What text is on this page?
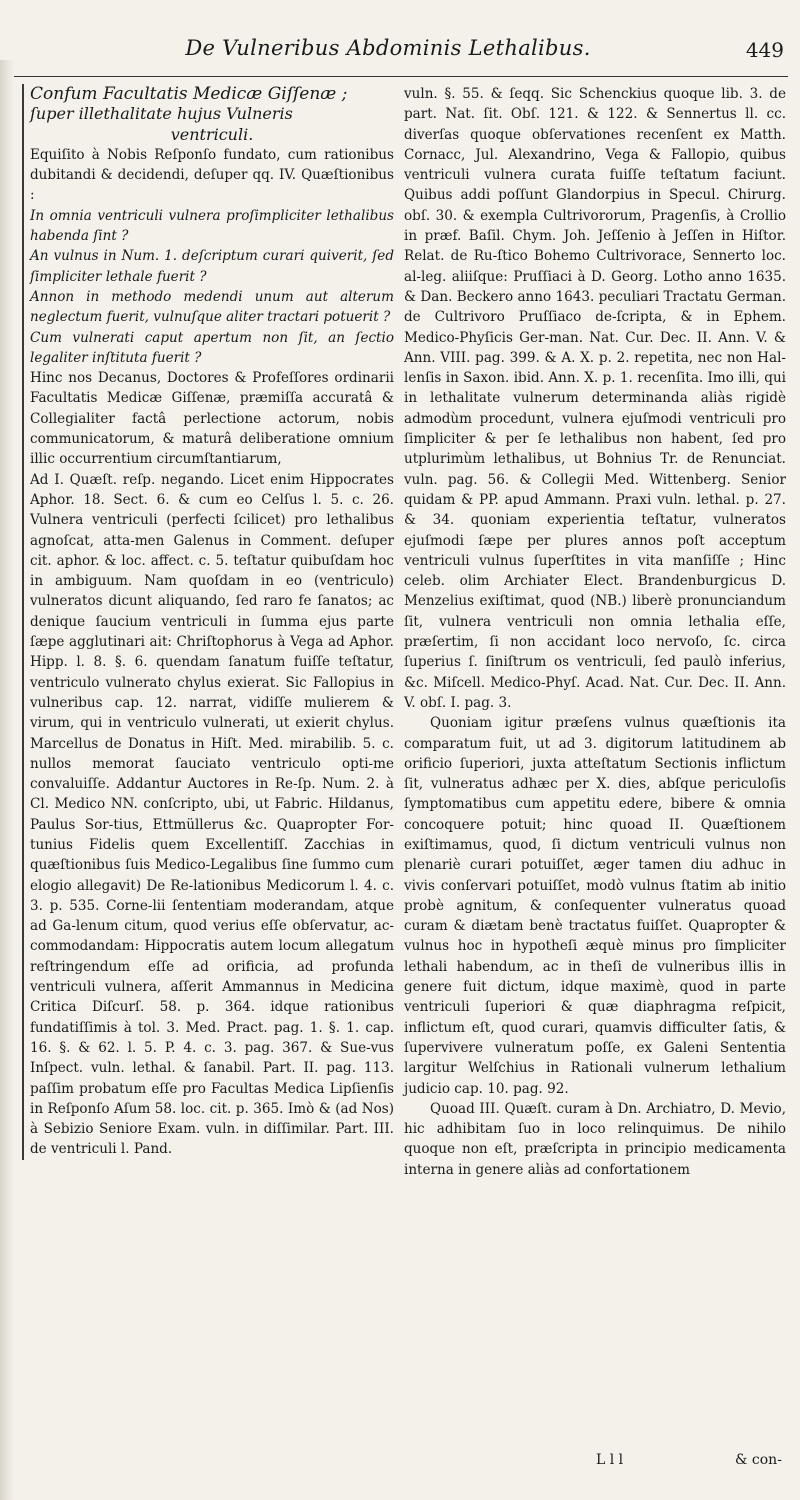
De Vulneribus Abdominis Lethalibus.	449

Confum Facultatis Medicæ Giſſenæ ;

ſuper illethalitate hujus Vulneris

ventriculi.

Equiſito à Nobis Reſponſo fundato, cum rationibus dubitandi & decidendi, deſuper qq. IV. Quæſtionibus :

In omnia ventriculi vulnera proſimpliciter lethalibus habenda ſint ?

An vulnus in Num. 1. deſcriptum curari quiverit, ſed ſimpliciter lethale fuerit ?

Annon in methodo medendi unum aut alterum neglectum fuerit, vulnuſque aliter tractari potuerit ?

Cum vulnerati caput apertum non ſit, an ſectio legaliter inſtituta fuerit ?

Hinc nos Decanus, Doctores & Profeſſores ordinarii Facultatis Medicæ Giſſenæ, præmiſſa accuratâ & Collegialiter factâ perlectione actorum, nobis communicatorum, & maturâ deliberatione omnium illic occurrentium circumſtantiarum,

Ad I. Quæſt. reſp. negando. Licet enim Hippocrates Aphor. 18. Sect. 6. & cum eo Celſus l. 5. c. 26. Vulnera ventriculi (perfecti ſcilicet) pro lethalibus agnoſcat, atta-men Galenus in Comment. deſuper cit. aphor. & loc. affect. c. 5. teſtatur quibuſdam hoc in ambiguum. Nam quoſdam in eo (ventriculo) vulneratos dicunt aliquando, ſed raro fe ſanatos; ac denique ſaucium ventriculi in ſumma ejus parte ſæpe agglutinari ait: Chriſtophorus à Vega ad Aphor. Hipp. l. 8. §. 6. quendam ſanatum fuiſſe teſtatur, ventriculo vulnerato chylus exierat. Sic Fallopius in vulneribus cap. 12. narrat, vidiſſe mulierem & virum, qui in ventriculo vulnerati, ut exierit chylus. Marcellus de Donatus in Hiſt. Med. mirabilib. 5. c. nullos memorat ſauciato ventriculo opti-me convaluiſſe. Addantur Auctores in Re-ſp. Num. 2. à Cl. Medico NN. conſcripto, ubi, ut Fabric. Hildanus, Paulus Sor-tius, Ettmüllerus &c. Quapropter For-tunius Fidelis quem Excellentiſſ. Zacchias in quæſtionibus ſuis Medico-Legalibus ſine ſummo cum elogio allegavit) De Re-lationibus Medicorum l. 4. c. 3. p. 535. Corne-lii ſententiam moderandam, atque ad Ga-lenum citum, quod verius eſſe obſervatur, ac-commodandam: Hippocratis autem locum allegatum reſtringendum eſſe ad orificia, ad profunda ventriculi vulnera, aſſerit Ammannus in Medicina Critica Diſcurſ. 58. p. 364. idque rationibus fundatiſſimis à tol. 3. Med. Pract. pag. 1. §. 1. cap. 16. §. & 62. l. 5. P. 4. c. 3. pag. 367. & Sue-vus Inſpect. vuln. lethal. & ſanabil. Part. II. pag. 113. paſſim probatum eſſe pro Facultas Medica Lipſienſis in Reſponſo Aſum 58. loc. cit. p. 365. Imò & (ad Nos) à Sebizio Seniore Exam. vuln. in diſſimilar. Part. III. de ventriculi l. Pand.

vuln. §. 55. & ſeqq. Sic Schenckius quoque lib. 3. de part. Nat. ſit. Obſ. 121. & 122. & Sennertus ll. cc. diverſas quoque obſervationes recenſent ex Matth. Cornacc, Jul. Alexandrino, Vega & Fallopio, quibus ventriculi vulnera curata fuiſſe teſtatum faciunt. Quibus addi poſſunt Glandorpius in Specul. Chirurg. obſ. 30. & exempla Cultrivororum, Pragenſis, à Crollio in præf. Baſil. Chym. Joh. Jeſſenio à Jeſſen in Hiſtor. Relat. de Ru-ſtico Bohemo Cultrivorace, Sennerto loc. al-leg. aliiſque: Pruſſiaci à D. Georg. Lotho anno 1635. & Dan. Beckero anno 1643. peculiari Tractatu German. de Cultrivoro Pruſſiaco de-ſcripta, & in Ephem. Medico-Phyſicis Ger-man. Nat. Cur. Dec. II. Ann. V. & Ann. VIII. pag. 399. & A. X. p. 2. repetita, nec non Hal-lenſis in Saxon. ibid. Ann. X. p. 1. recenſita. Imo illi, qui in lethalitate vulnerum determinanda aliàs rigidè admodùm procedunt, vulnera ejuſmodi ventriculi pro ſimpliciter & per ſe lethalibus non habent, ſed pro utplurimùm lethalibus, ut Bohnius Tr. de Renunciat. vuln. pag. 56. & Collegii Med. Wittenberg. Senior quidam & PP. apud Ammann. Praxi vuln. lethal. p. 27. & 34. quoniam experientia teſtatur, vulneratos ejuſmodi ſæpe per plures annos poſt acceptum ventriculi vulnus ſuperſtites in vita manſiſſe ; Hinc celeb. olim Archiater Elect. Brandenburgicus D. Menzelius exiſtimat, quod (NB.) liberè pronunciandum ſit, vulnera ventriculi non omnia lethalia eſſe, præſertim, ſi non accidant loco nervoſo, ſc. circa ſuperius ſ. ſiniſtrum os ventriculi, ſed paulò inferius, &c. Miſcell. Medico-Phyſ. Acad. Nat. Cur. Dec. II. Ann. V. obſ. I. pag. 3.

Quoniam igitur præſens vulnus quæſtionis ita comparatum fuit, ut ad 3. digitorum latitudinem ab orificio ſuperiori, juxta atteſtatum Sectionis inflictum ſit, vulneratus adhæc per X. dies, abſque periculoſis ſymptomatibus cum appetitu edere, bibere & omnia concoquere potuit; hinc quoad II. Quæſtionem exiſtimamus, quod, ſi dictum ventriculi vulnus non plenariè curari potuiſſet, æger tamen diu adhuc in vivis conſervari potuiſſet, modò vulnus ſtatim ab initio probè agnitum, & conſequenter vulneratus quoad curam & diætam benè tractatus fuiſſet. Quapropter & vulnus hoc in hypotheſi æquè minus pro ſimpliciter lethali habendum, ac in theſi de vulneribus illis in genere fuit dictum, idque maximè, quod in parte ventriculi ſuperiori & quæ diaphragma reſpicit, inflictum eſt, quod curari, quamvis difficulter ſatis, & ſupervivere vulneratum poſſe, ex Galeni Sententia largitur Welſchius in Rationali vulnerum lethalium judicio cap. 10. pag. 92.

Quoad III. Quæſt. curam à Dn. Archiatro, D. Mevio, hic adhibitam ſuo in loco relinquimus. De nihilo quoque non eſt, præſcripta in principio medicamenta interna in genere aliàs ad confortationem

L l l	& con-
